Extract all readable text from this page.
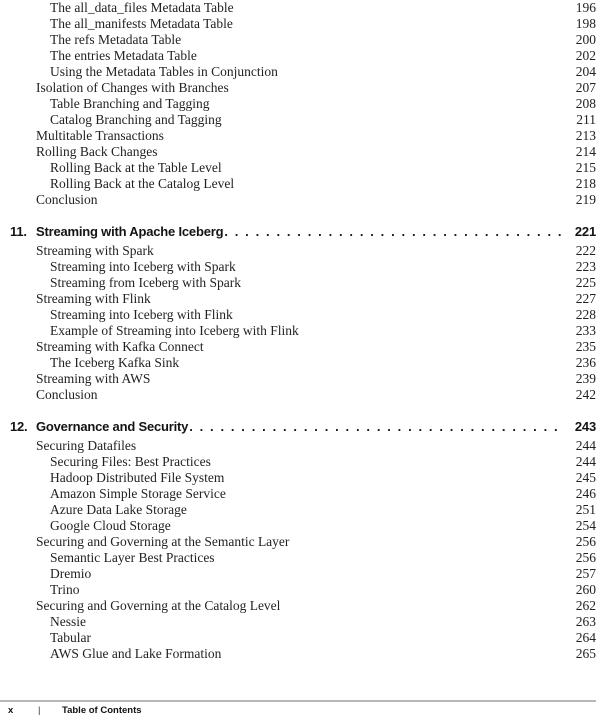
The all_data_files Metadata Table	196
The all_manifests Metadata Table	198
The refs Metadata Table	200
The entries Metadata Table	202
Using the Metadata Tables in Conjunction	204
Isolation of Changes with Branches	207
Table Branching and Tagging	208
Catalog Branching and Tagging	211
Multitable Transactions	213
Rolling Back Changes	214
Rolling Back at the Table Level	215
Rolling Back at the Catalog Level	218
Conclusion	219
11. Streaming with Apache Iceberg . . .	221
Streaming with Spark	222
Streaming into Iceberg with Spark	223
Streaming from Iceberg with Spark	225
Streaming with Flink	227
Streaming into Iceberg with Flink	228
Example of Streaming into Iceberg with Flink	233
Streaming with Kafka Connect	235
The Iceberg Kafka Sink	236
Streaming with AWS	239
Conclusion	242
12. Governance and Security . . .	243
Securing Datafiles	244
Securing Files: Best Practices	244
Hadoop Distributed File System	245
Amazon Simple Storage Service	246
Azure Data Lake Storage	251
Google Cloud Storage	254
Securing and Governing at the Semantic Layer	256
Semantic Layer Best Practices	256
Dremio	257
Trino	260
Securing and Governing at the Catalog Level	262
Nessie	263
Tabular	264
AWS Glue and Lake Formation	265
x	|	Table of Contents
